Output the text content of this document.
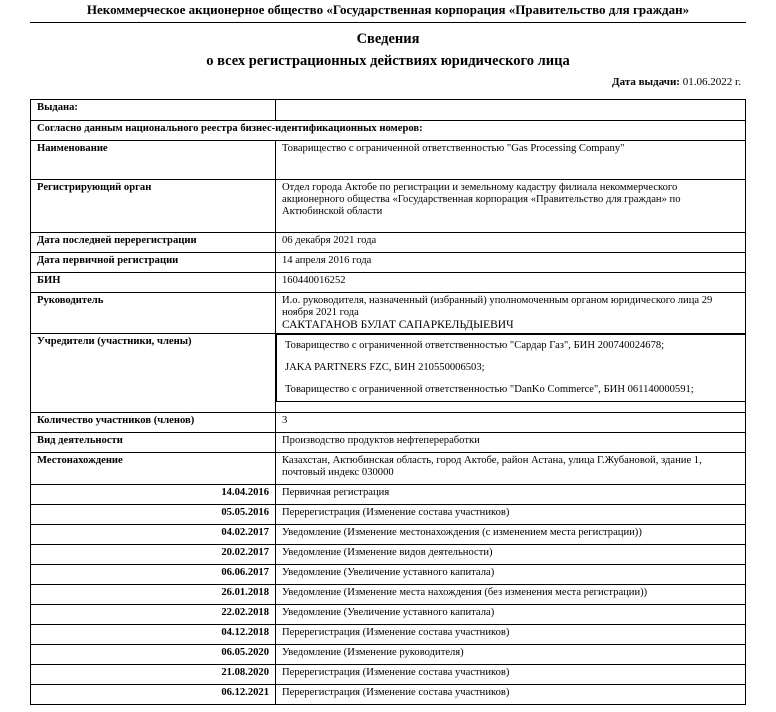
Некоммерческое акционерное общество «Государственная корпорация «Правительство для граждан»
Сведения
о всех регистрационных действиях юридического лица
Дата выдачи: 01.06.2022 г.
Выдана:	
Согласно данным национального реестра бизнес-идентификационных номеров:	
Наименование	Товарищество с ограниченной ответственностью "Gas Processing Company"
Регистрирующий орган	Отдел города Актобе по регистрации и земельному кадастру филиала некоммерческого акционерного общества «Государственная корпорация «Правительство для граждан» по Актюбинской области
Дата последней перерегистрации	06 декабря 2021 года
Дата первичной регистрации	14 апреля 2016 года
БИН	160440016252
Руководитель	И.о. руководителя, назначенный (избранный) уполномоченным органом юридического лица 29 ноября 2021 года
САКТАГАНОВ БУЛАТ САПАРКЕЛЬДЫЕВИЧ

Учредители (участники, члены)	Товарищество с ограниченной ответственностью "Сардар Газ", БИН 200740024678;
JAKA PARTNERS FZC, БИН 210550006503;
Товарищество с ограниченной ответственностью "DanKo Commerce", БИН 061140000591;

Количество участников (членов)	3
Вид деятельности	Производство продуктов нефтепереработки
Местонахождение	Казахстан, Актюбинская область, город Актобе, район Астана, улица Г.Жубановой, здание 1, почтовый индекс 030000
14.04.2016	Первичная регистрация
05.05.2016	Перерегистрация (Изменение состава участников)
04.02.2017	Уведомление (Изменение местонахождения (с изменением места регистрации))
20.02.2017	Уведомление (Изменение видов деятельности)
06.06.2017	Уведомление (Увеличение уставного капитала)
26.01.2018	Уведомление (Изменение места нахождения (без изменения места регистрации))
22.02.2018	Уведомление (Увеличение уставного капитала)
04.12.2018	Перерегистрация (Изменение состава участников)
06.05.2020	Уведомление (Изменение руководителя)
21.08.2020	Перерегистрация (Изменение состава участников)
06.12.2021	Перерегистрация (Изменение состава участников)
